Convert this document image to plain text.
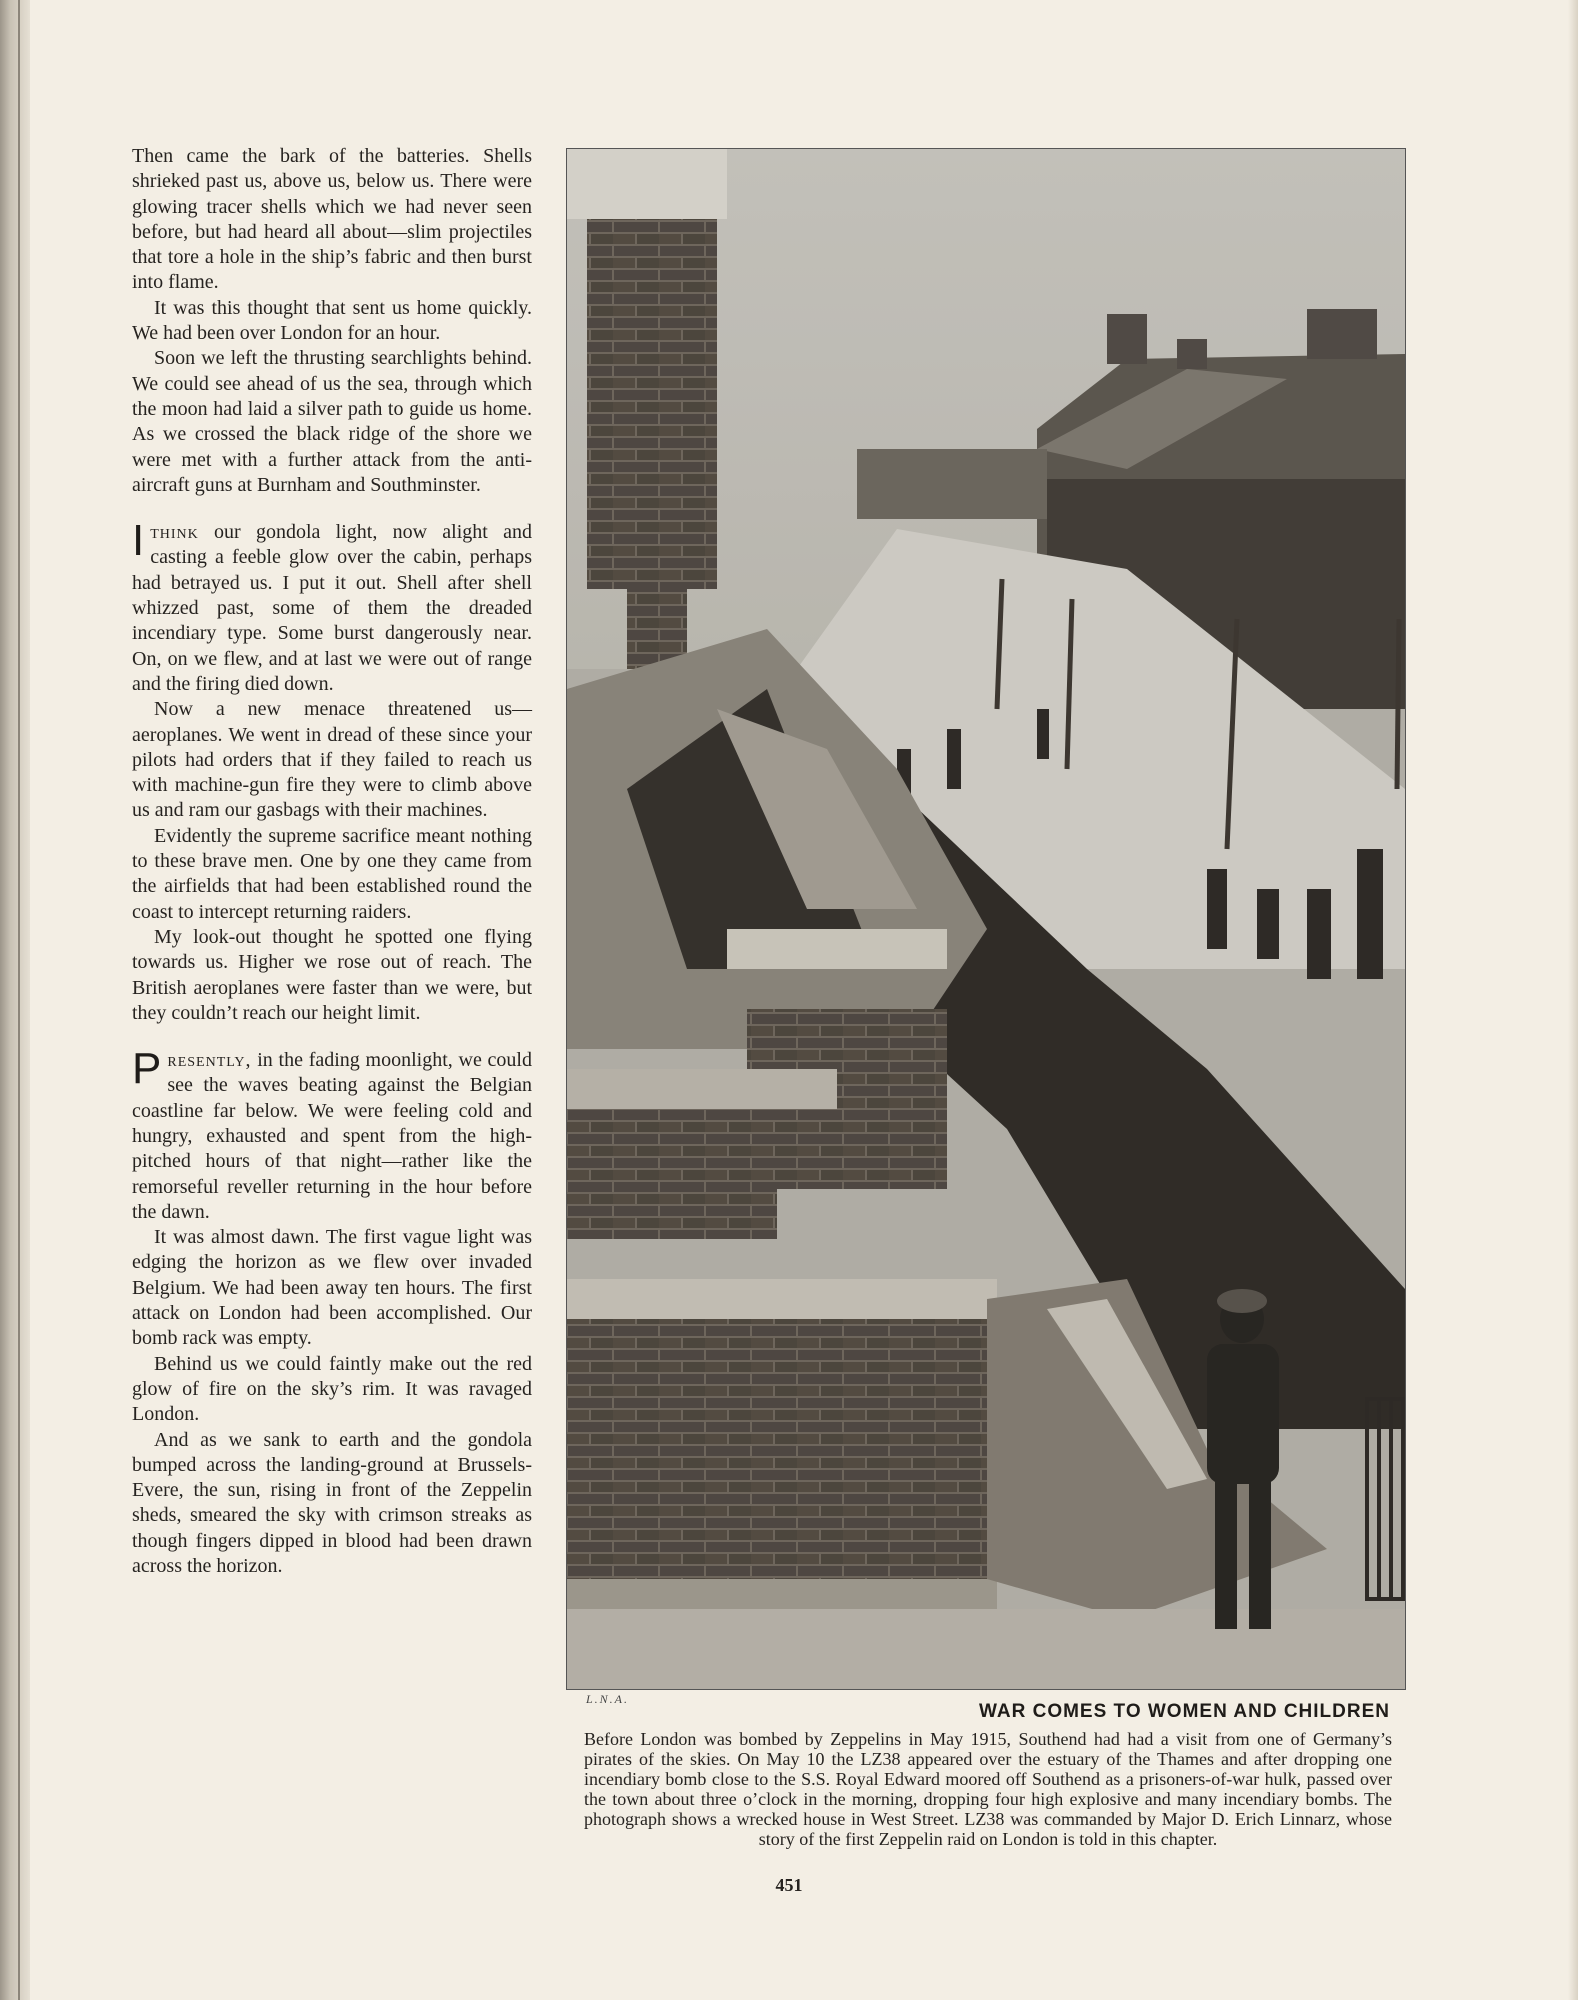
Then came the bark of the batteries. Shells shrieked past us, above us, below us. There were glowing tracer shells which we had never seen before, but had heard all about—slim projectiles that tore a hole in the ship’s fabric and then burst into flame.

It was this thought that sent us home quickly. We had been over London for an hour.

Soon we left the thrusting searchlights behind. We could see ahead of us the sea, through which the moon had laid a silver path to guide us home. As we crossed the black ridge of the shore we were met with a further attack from the anti-aircraft guns at Burnham and Southminster.

Ithink our gondola light, now alight and casting a feeble glow over the cabin, perhaps had betrayed us. I put it out. Shell after shell whizzed past, some of them the dreaded incendiary type. Some burst dangerously near. On, on we flew, and at last we were out of range and the firing died down.

Now a new menace threatened us—aeroplanes. We went in dread of these since your pilots had orders that if they failed to reach us with machine-gun fire they were to climb above us and ram our gasbags with their machines.

Evidently the supreme sacrifice meant nothing to these brave men. One by one they came from the airfields that had been established round the coast to intercept returning raiders.

My look-out thought he spotted one flying towards us. Higher we rose out of reach. The British aeroplanes were faster than we were, but they couldn’t reach our height limit.

Presently, in the fading moonlight, we could see the waves beating against the Belgian coastline far below. We were feeling cold and hungry, exhausted and spent from the high-pitched hours of that night—rather like the remorseful reveller returning in the hour before the dawn.

It was almost dawn. The first vague light was edging the horizon as we flew over invaded Belgium. We had been away ten hours. The first attack on London had been accomplished. Our bomb rack was empty.

Behind us we could faintly make out the red glow of fire on the sky’s rim. It was ravaged London.

And as we sank to earth and the gondola bumped across the landing-ground at Brussels-Evere, the sun, rising in front of the Zeppelin sheds, smeared the sky with crimson streaks as though fingers dipped in blood had been drawn across the horizon.

L.N.A.
WAR COMES TO WOMEN AND CHILDREN
Before London was bombed by Zeppelins in May 1915, Southend had had a visit from one of Germany’s pirates of the skies. On May 10 the LZ38 appeared over the estuary of the Thames and after dropping one incendiary bomb close to the S.S. Royal Edward moored off Southend as a prisoners-of-war hulk, passed over the town about three o’clock in the morning, dropping four high explosive and many incendiary bombs. The photograph shows a wrecked house in West Street. LZ38 was commanded by Major D. Erich Linnarz, whose story of the first Zeppelin raid on London is told in this chapter.
451
